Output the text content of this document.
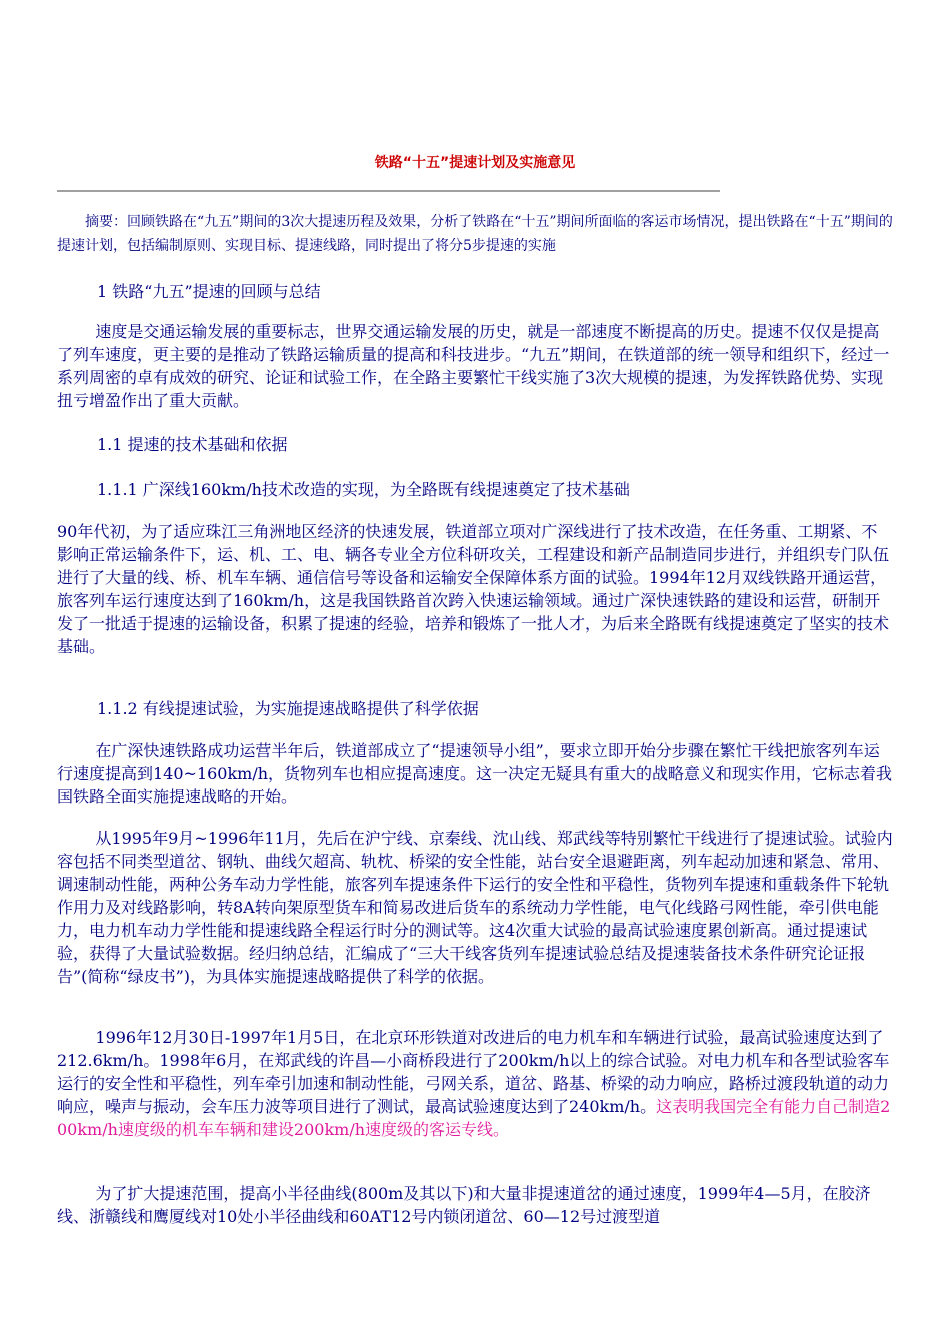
铁路“十五”提速计划及实施意见
摘要：回顾铁路在“九五”期间的3次大提速历程及效果，分析了铁路在“十五”期间所面临的客运市场情况，提出铁路在“十五”期间的提速计划，包括编制原则、实现目标、提速线路，同时提出了将分5步提速的实施
1 铁路“九五”提速的回顾与总结
速度是交通运输发展的重要标志，世界交通运输发展的历史，就是一部速度不断提高的历史。提速不仅仅是提高了列车速度，更主要的是推动了铁路运输质量的提高和科技进步。“九五”期间，在铁道部的统一领导和组织下，经过一系列周密的卓有成效的研究、论证和试验工作，在全路主要繁忙干线实施了3次大规模的提速，为发挥铁路优势、实现扭亏增盈作出了重大贡献。
1.1 提速的技术基础和依据
1.1.1 广深线160km/h技术改造的实现，为全路既有线提速奠定了技术基础
90年代初，为了适应珠江三角洲地区经济的快速发展，铁道部立项对广深线进行了技术改造，在任务重、工期紧、不影响正常运输条件下，运、机、工、电、辆各专业全方位科研攻关，工程建设和新产品制造同步进行，并组织专门队伍进行了大量的线、桥、机车车辆、通信信号等设备和运输安全保障体系方面的试验。1994年12月双线铁路开通运营，旅客列车运行速度达到了160km/h，这是我国铁路首次跨入快速运输领域。通过广深快速铁路的建设和运营，研制开发了一批适于提速的运输设备，积累了提速的经验，培养和锻炼了一批人才，为后来全路既有线提速奠定了坚实的技术基础。
1.1.2 有线提速试验，为实施提速战略提供了科学依据
在广深快速铁路成功运营半年后，铁道部成立了“提速领导小组”，要求立即开始分步骤在繁忙干线把旅客列车运行速度提高到140~160km/h，货物列车也相应提高速度。这一决定无疑具有重大的战略意义和现实作用，它标志着我国铁路全面实施提速战略的开始。
从1995年9月~1996年11月，先后在沪宁线、京秦线、沈山线、郑武线等特别繁忙干线进行了提速试验。试验内容包括不同类型道岔、钢轨、曲线欠超高、轨枕、桥梁的安全性能，站台安全退避距离，列车起动加速和紧急、常用、调速制动性能，两种公务车动力学性能，旅客列车提速条件下运行的安全性和平稳性，货物列车提速和重载条件下轮轨作用力及对线路影响，转8A转向架原型货车和简易改进后货车的系统动力学性能，电气化线路弓网性能，牵引供电能力，电力机车动力学性能和提速线路全程运行时分的测试等。这4次重大试验的最高试验速度累创新高。通过提速试验，获得了大量试验数据。经归纳总结，汇编成了“三大干线客货列车提速试验总结及提速装备技术条件研究论证报告”(简称“绿皮书”)，为具体实施提速战略提供了科学的依据。
1996年12月30日-1997年1月5日，在北京环形铁道对改进后的电力机车和车辆进行试验，最高试验速度达到了212.6km/h。1998年6月，在郑武线的许昌—小商桥段进行了200km/h以上的综合试验。对电力机车和各型试验客车运行的安全性和平稳性，列车牵引加速和制动性能，弓网关系，道岔、路基、桥梁的动力响应，路桥过渡段轨道的动力响应，噪声与振动，会车压力波等项目进行了测试，最高试验速度达到了240km/h。这表明我国完全有能力自己制造200km/h速度级的机车车辆和建设200km/h速度级的客运专线。
为了扩大提速范围，提高小半径曲线(800m及其以下)和大量非提速道岔的通过速度，1999年4—5月，在胶济线、浙赣线和鹰厦线对10处小半径曲线和60AT12号内锁闭道岔、60—12号过渡型道
